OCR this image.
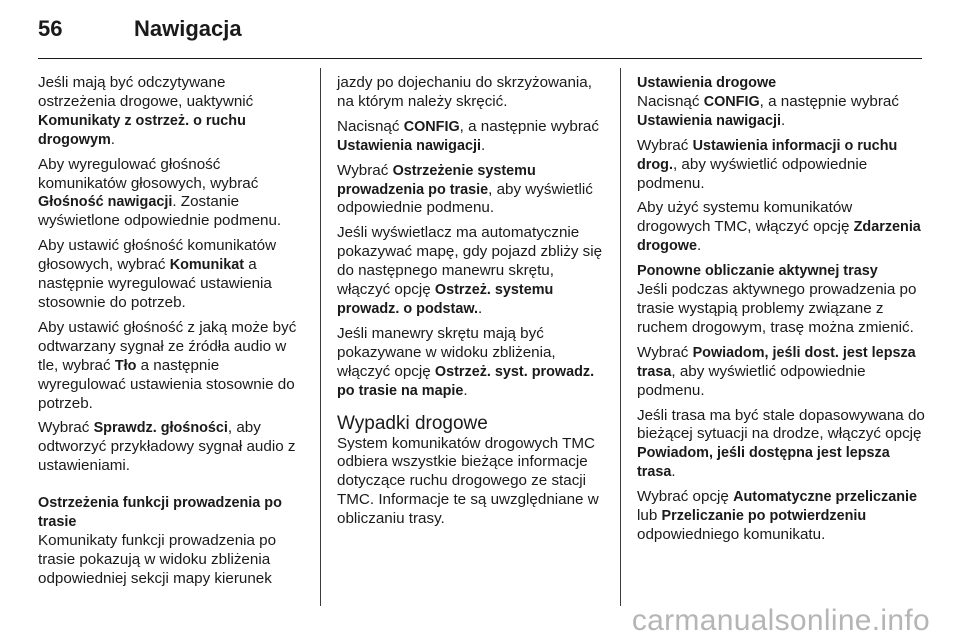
56	Nawigacja

Jeśli mają być odczytywane ostrzeżenia drogowe, uaktywnić Komunikaty z ostrzeż. o ruchu drogowym.

Aby wyregulować głośność komunikatów głosowych, wybrać Głośność nawigacji. Zostanie wyświetlone odpowiednie podmenu.

Aby ustawić głośność komunikatów głosowych, wybrać Komunikat a następnie wyregulować ustawienia stosownie do potrzeb.

Aby ustawić głośność z jaką może być odtwarzany sygnał ze źródła audio w tle, wybrać Tło a następnie wyregulować ustawienia stosownie do potrzeb.

Wybrać Sprawdz. głośności, aby odtworzyć przykładowy sygnał audio z ustawieniami.

Ostrzeżenia funkcji prowadzenia po trasie

Komunikaty funkcji prowadzenia po trasie pokazują w widoku zbliżenia odpowiedniej sekcji mapy kierunek

jazdy po dojechaniu do skrzyżowania, na którym należy skręcić.

Nacisnąć CONFIG, a następnie wybrać Ustawienia nawigacji.

Wybrać Ostrzeżenie systemu prowadzenia po trasie, aby wyświetlić odpowiednie podmenu.

Jeśli wyświetlacz ma automatycznie pokazywać mapę, gdy pojazd zbliży się do następnego manewru skrętu, włączyć opcję Ostrzeż. systemu prowadz. o podstaw..

Jeśli manewry skrętu mają być pokazywane w widoku zbliżenia, włączyć opcję Ostrzeż. syst. prowadz. po trasie na mapie.

Wypadki drogowe

System komunikatów drogowych TMC odbiera wszystkie bieżące informacje dotyczące ruchu drogowego ze stacji TMC. Informacje te są uwzględniane w obliczaniu trasy.

Ustawienia drogowe

Nacisnąć CONFIG, a następnie wybrać Ustawienia nawigacji.

Wybrać Ustawienia informacji o ruchu drog., aby wyświetlić odpowiednie podmenu.

Aby użyć systemu komunikatów drogowych TMC, włączyć opcję Zdarzenia drogowe.

Ponowne obliczanie aktywnej trasy

Jeśli podczas aktywnego prowadzenia po trasie wystąpią problemy związane z ruchem drogowym, trasę można zmienić.

Wybrać Powiadom, jeśli dost. jest lepsza trasa, aby wyświetlić odpowiednie podmenu.

Jeśli trasa ma być stale dopasowywana do bieżącej sytuacji na drodze, włączyć opcję Powiadom, jeśli dostępna jest lepsza trasa.

Wybrać opcję Automatyczne przeliczanie lub Przeliczanie po potwierdzeniu odpowiedniego komunikatu.

carmanualsonline.info
